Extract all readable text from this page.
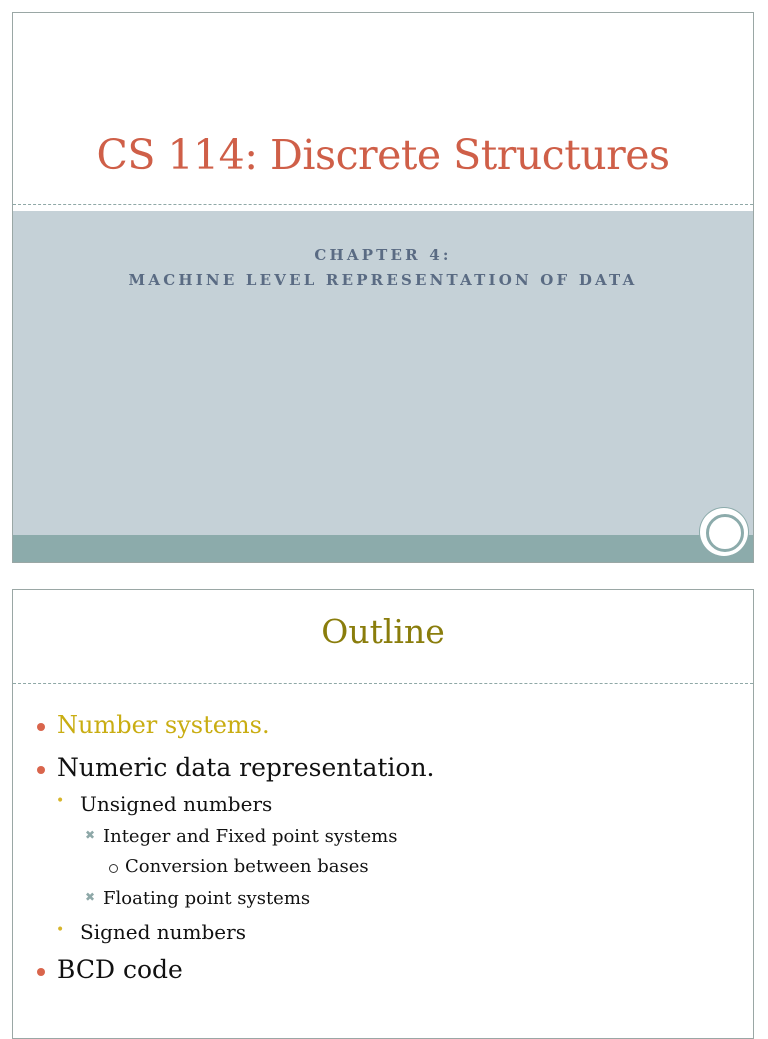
CS 114: Discrete Structures
CHAPTER 4:
MACHINE LEVEL REPRESENTATION OF DATA
Outline
Number systems.
Numeric data representation.
• Unsigned numbers
✖ Integer and Fixed point systems
Conversion between bases
✖ Floating point systems
• Signed numbers
BCD code
